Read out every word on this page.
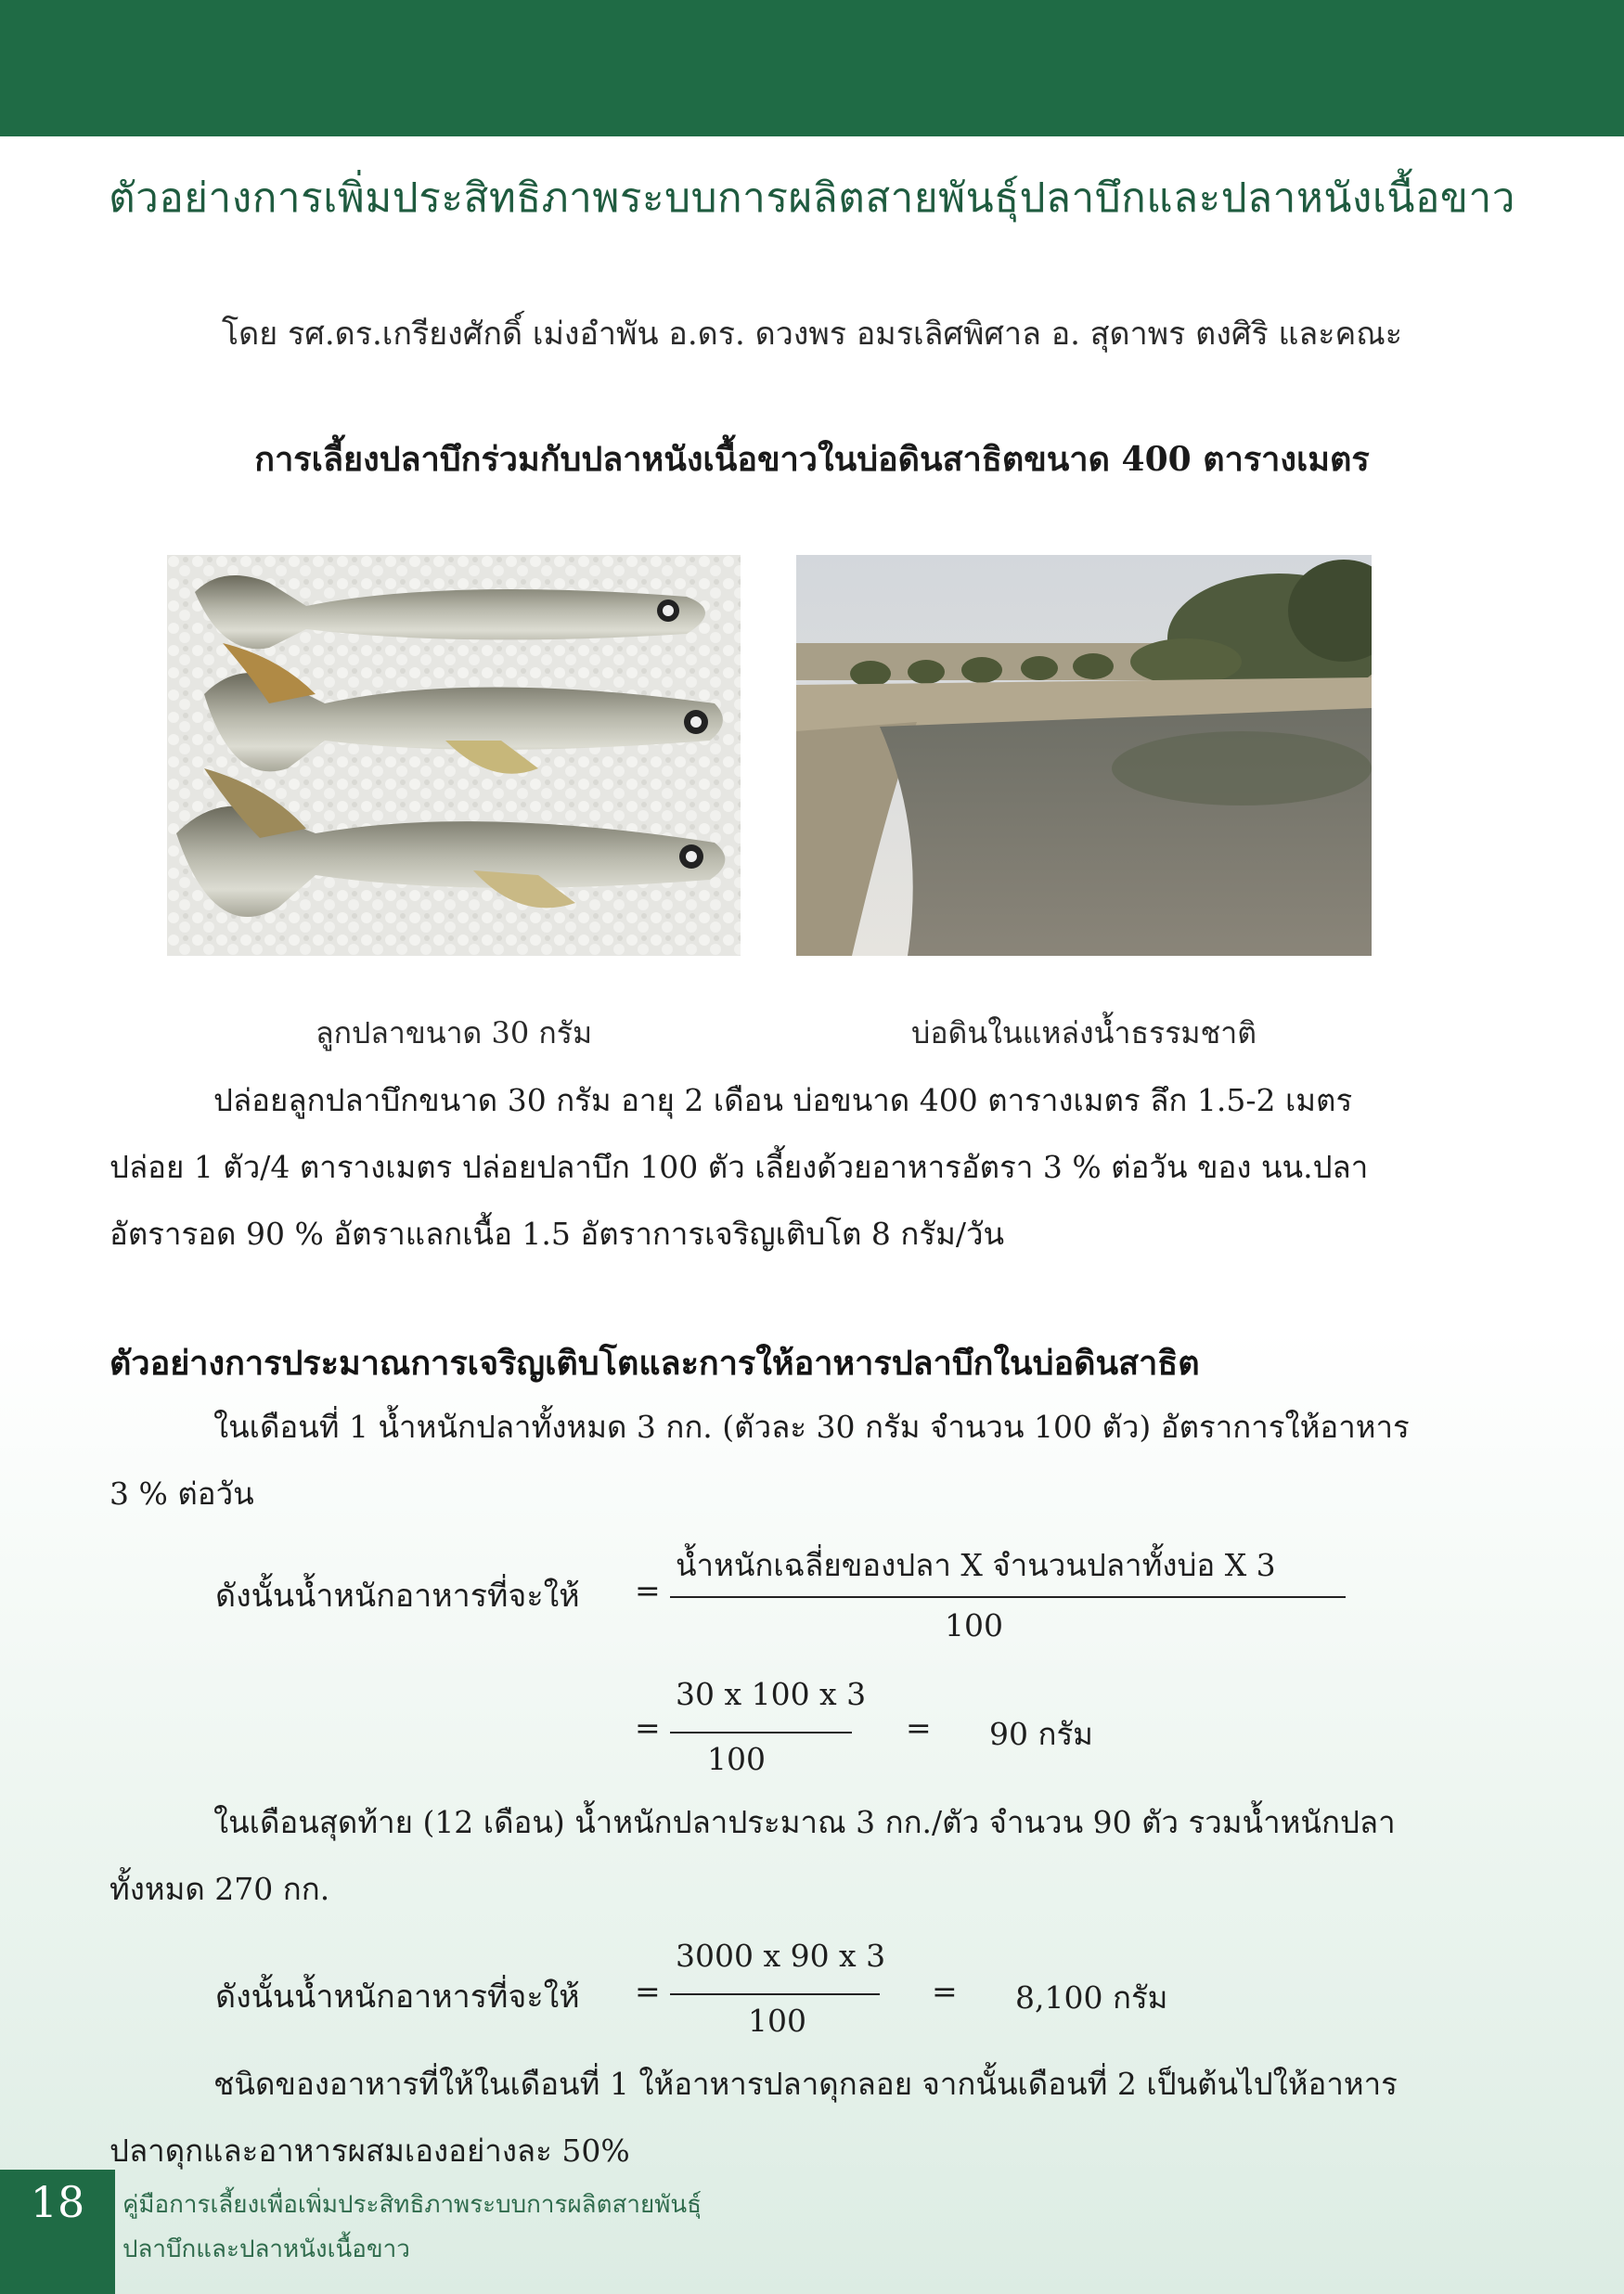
ตัวอย่างการเพิ่มประสิทธิภาพระบบการผลิตสายพันธุ์ปลาบึกและปลาหนังเนื้อขาว
โดย รศ.ดร.เกรียงศักดิ์ เม่งอำพัน อ.ดร. ดวงพร อมรเลิศพิศาล อ. สุดาพร ตงศิริ และคณะ
การเลี้ยงปลาบึกร่วมกับปลาหนังเนื้อขาวในบ่อดินสาธิตขนาด 400 ตารางเมตร
ลูกปลาขนาด 30 กรัม	บ่อดินในแหล่งน้ำธรรมชาติ

ปล่อยลูกปลาบึกขนาด 30 กรัม อายุ 2 เดือน บ่อขนาด 400 ตารางเมตร ลึก 1.5-2 เมตร ปล่อย 1 ตัว/4 ตารางเมตร ปล่อยปลาบึก 100 ตัว เลี้ยงด้วยอาหารอัตรา 3 % ต่อวัน ของ นน.ปลา อัตรารอด 90 % อัตราแลกเนื้อ 1.5 อัตราการเจริญเติบโต 8 กรัม/วัน

ตัวอย่างการประมาณการเจริญเติบโตและการให้อาหารปลาบึกในบ่อดินสาธิต

ในเดือนที่ 1 น้ำหนักปลาทั้งหมด 3 กก. (ตัวละ 30 กรัม จำนวน 100 ตัว) อัตราการให้อาหาร 3 % ต่อวัน

ดังนั้นน้ำหนักอาหารที่จะให้ =
น้ำหนักเฉลี่ยของปลา X จำนวนปลาทั้งบ่อ X 3
100
=
30 x 100 x 3
100
= 90 กรัม

ในเดือนสุดท้าย (12 เดือน) น้ำหนักปลาประมาณ 3 กก./ตัว จำนวน 90 ตัว รวมน้ำหนักปลาทั้งหมด 270 กก.

ดังนั้นน้ำหนักอาหารที่จะให้ =
3000 x 90 x 3
100
= 8,100 กรัม

ชนิดของอาหารที่ให้ในเดือนที่ 1 ให้อาหารปลาดุกลอย จากนั้นเดือนที่ 2 เป็นต้นไปให้อาหารปลาดุกและอาหารผสมเองอย่างละ 50%

18	คู่มือการเลี้ยงเพื่อเพิ่มประสิทธิภาพระบบการผลิตสายพันธุ์
ปลาบึกและปลาหนังเนื้อขาว
